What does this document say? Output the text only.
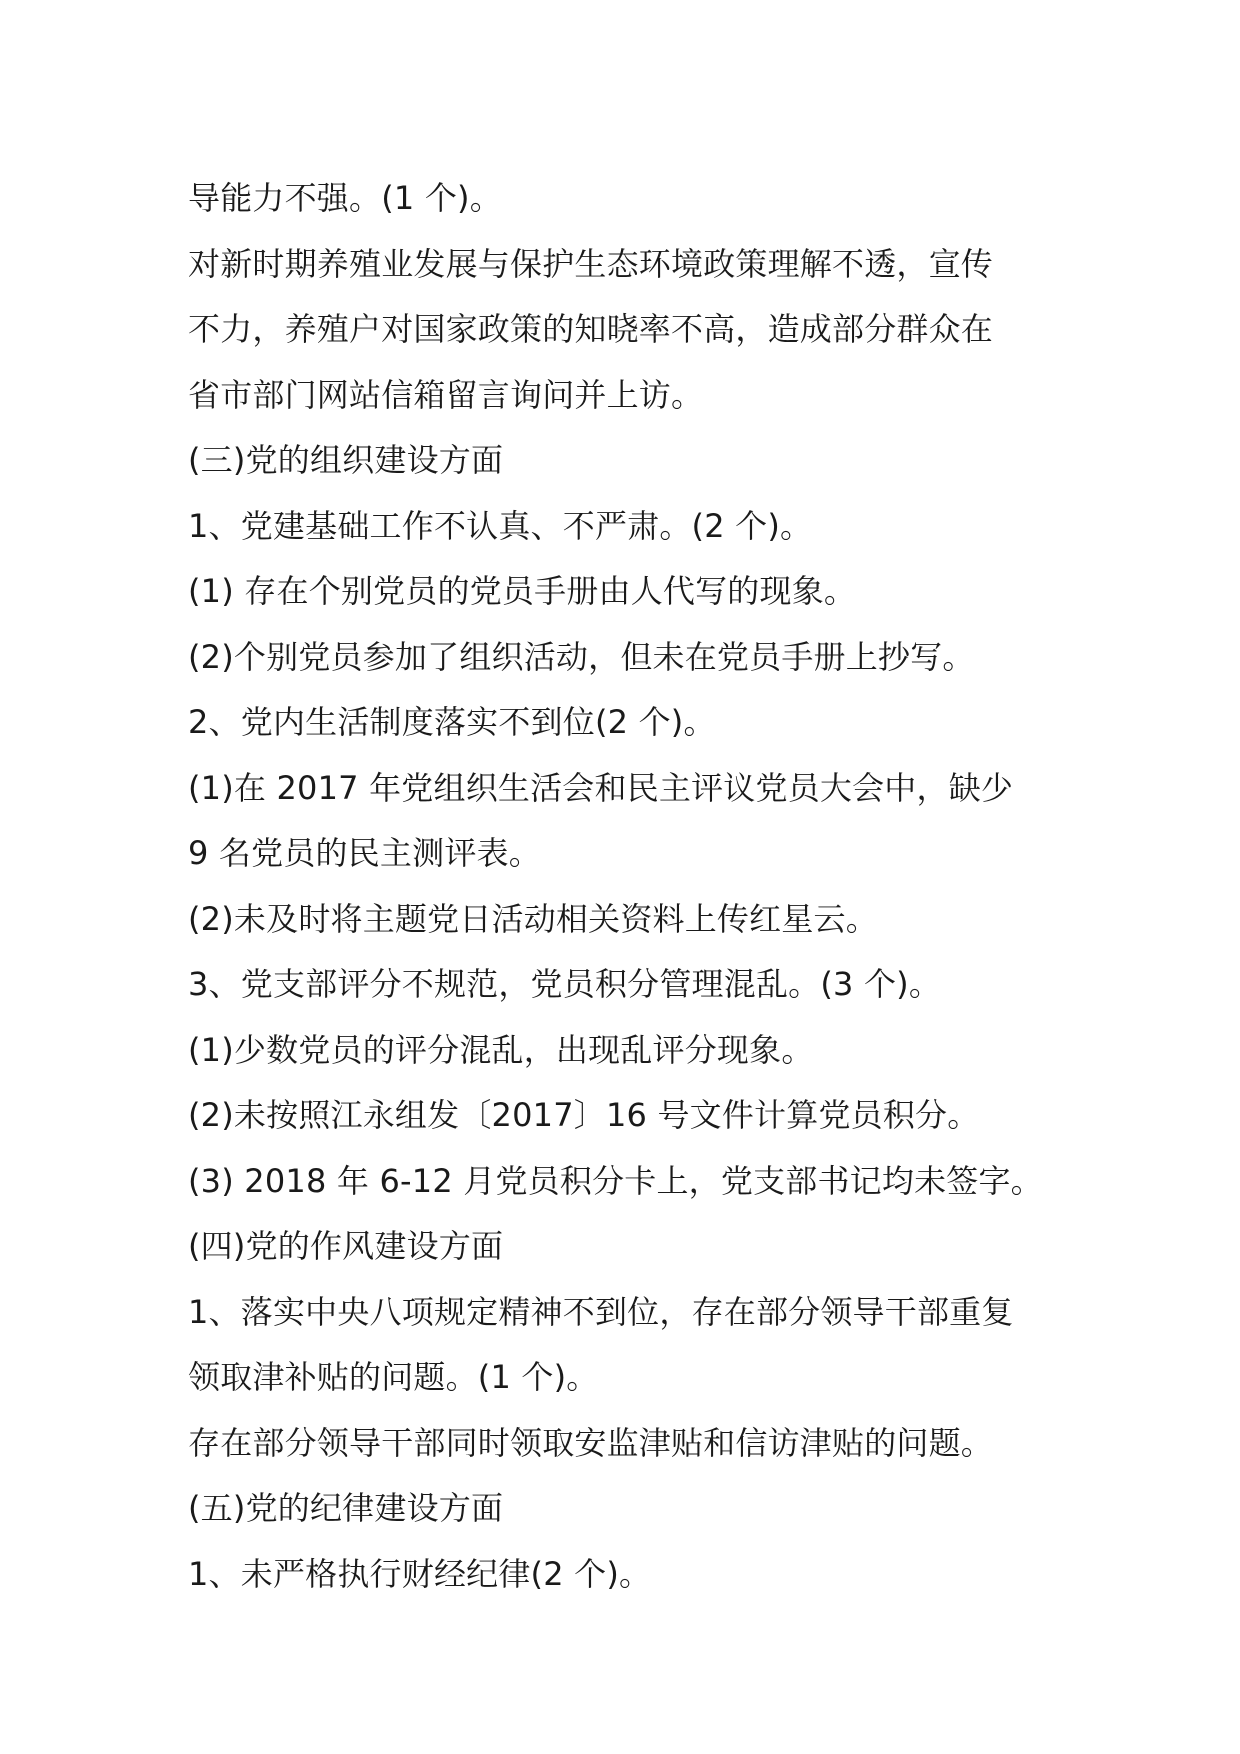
导能力不强。(1 个)。
对新时期养殖业发展与保护生态环境政策理解不透，宣传
不力，养殖户对国家政策的知晓率不高，造成部分群众在
省市部门网站信箱留言询问并上访。
(三)党的组织建设方面
1、党建基础工作不认真、不严肃。(2 个)。
(1) 存在个别党员的党员手册由人代写的现象。
(2)个别党员参加了组织活动，但未在党员手册上抄写。
2、党内生活制度落实不到位(2 个)。
(1)在 2017 年党组织生活会和民主评议党员大会中，缺少
9 名党员的民主测评表。
(2)未及时将主题党日活动相关资料上传红星云。
3、党支部评分不规范，党员积分管理混乱。(3 个)。
(1)少数党员的评分混乱，出现乱评分现象。
(2)未按照江永组发〔2017〕16 号文件计算党员积分。
(3) 2018 年 6-12 月党员积分卡上，党支部书记均未签字。
(四)党的作风建设方面
1、落实中央八项规定精神不到位，存在部分领导干部重复
领取津补贴的问题。(1 个)。
存在部分领导干部同时领取安监津贴和信访津贴的问题。
(五)党的纪律建设方面
1、未严格执行财经纪律(2 个)。
